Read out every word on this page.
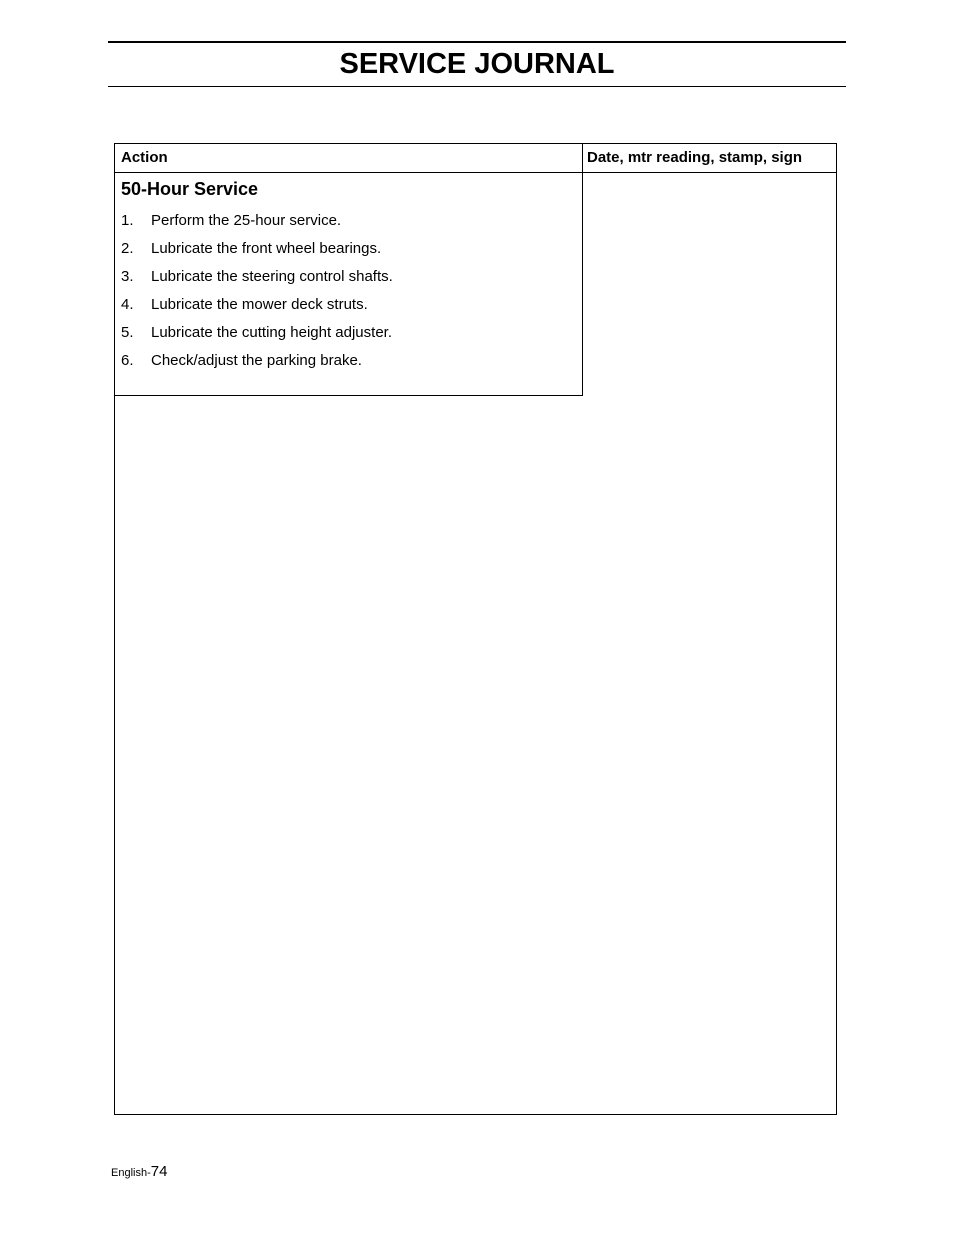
SERVICE JOURNAL
Action	Date, mtr reading, stamp, sign
50-Hour Service
1. Perform the 25-hour service.
2. Lubricate the front wheel bearings.
3. Lubricate the steering control shafts.
4. Lubricate the mower deck struts.
5. Lubricate the cutting height adjuster.
6. Check/adjust the parking brake.
English-74
